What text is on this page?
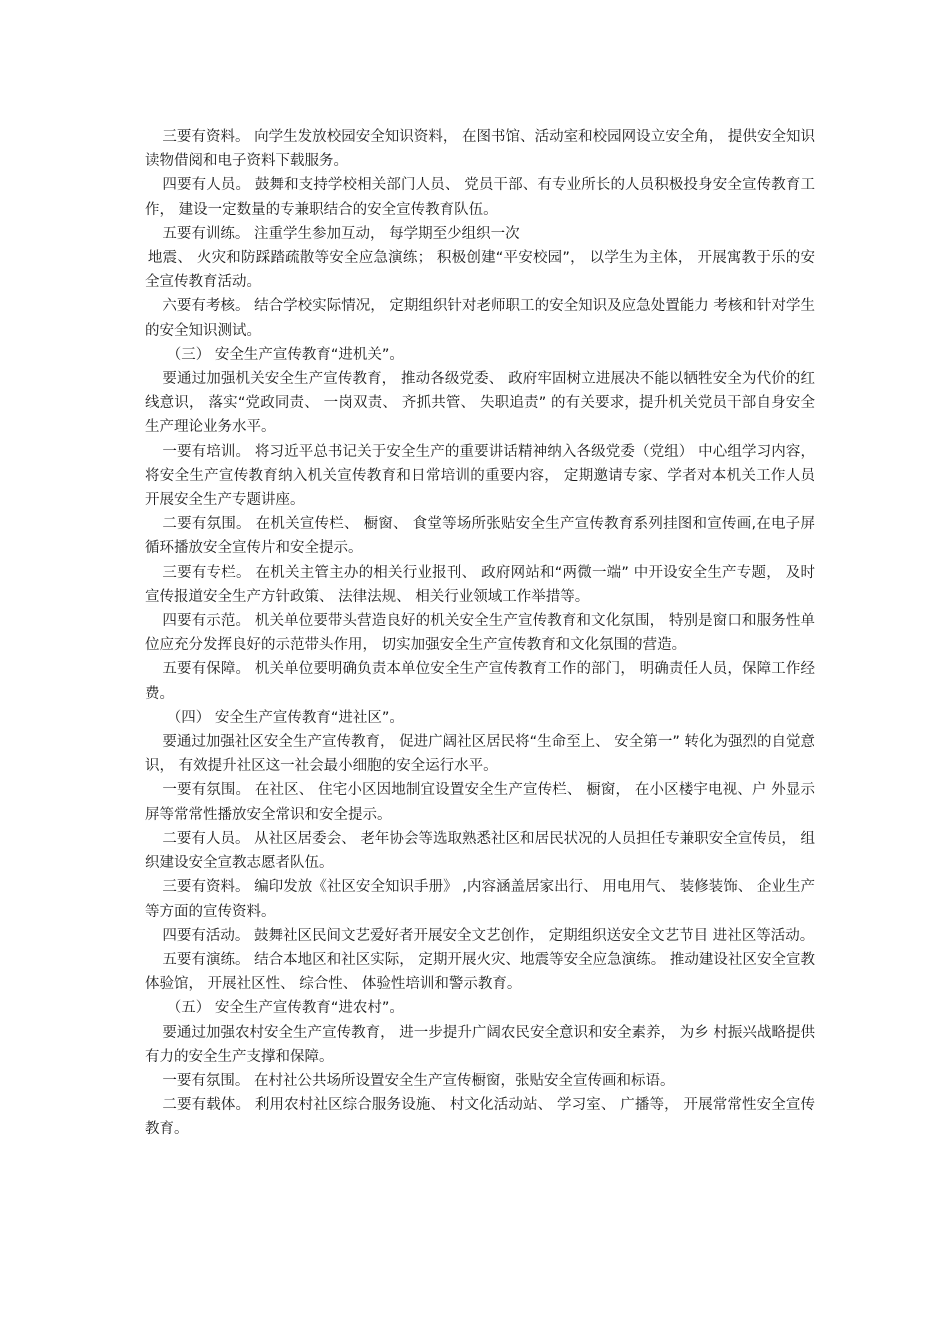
三要有资料。 向学生发放校园安全知识资料， 在图书馆、活动室和校园网设立安全角， 提供安全知识读物借阅和电子资料下载服务。

四要有人员。 鼓舞和支持学校相关部门人员、 党员干部、有专业所长的人员积极投身安全宣传教育工作， 建设一定数量的专兼职结合的安全宣传教育队伍。

五要有训练。 注重学生参加互动， 每学期至少组织一次

地震、 火灾和防踩踏疏散等安全应急演练； 积极创建“平安校园”， 以学生为主体， 开展寓教于乐的安全宣传教育活动。

六要有考核。 结合学校实际情况， 定期组织针对老师职工的安全知识及应急处置能力 考核和针对学生的安全知识测试。

（三） 安全生产宣传教育“进机关”。

要通过加强机关安全生产宣传教育， 推动各级党委、 政府牢固树立进展决不能以牺牲安全为代价的红线意识， 落实“党政同责、 一岗双责、 齐抓共管、 失职追责” 的有关要求，提升机关党员干部自身安全生产理论业务水平。

一要有培训。 将习近平总书记关于安全生产的重要讲话精神纳入各级党委（党组） 中心组学习内容， 将安全生产宣传教育纳入机关宣传教育和日常培训的重要内容， 定期邀请专家、学者对本机关工作人员开展安全生产专题讲座。

二要有氛围。 在机关宣传栏、 橱窗、 食堂等场所张贴安全生产宣传教育系列挂图和宣传画,在电子屏循环播放安全宣传片和安全提示。

三要有专栏。 在机关主管主办的相关行业报刊、 政府网站和“两微一端” 中开设安全生产专题， 及时宣传报道安全生产方针政策、 法律法规、 相关行业领域工作举措等。

四要有示范。 机关单位要带头营造良好的机关安全生产宣传教育和文化氛围， 特别是窗口和服务性单位应充分发挥良好的示范带头作用， 切实加强安全生产宣传教育和文化氛围的营造。

五要有保障。 机关单位要明确负责本单位安全生产宣传教育工作的部门， 明确责任人员，保障工作经费。

（四） 安全生产宣传教育“进社区”。

要通过加强社区安全生产宣传教育， 促进广阔社区居民将“生命至上、 安全第一” 转化为强烈的自觉意识， 有效提升社区这一社会最小细胞的安全运行水平。

一要有氛围。 在社区、 住宅小区因地制宜设置安全生产宣传栏、 橱窗， 在小区楼宇电视、户 外显示屏等常常性播放安全常识和安全提示。

二要有人员。 从社区居委会、 老年协会等选取熟悉社区和居民状况的人员担任专兼职安全宣传员， 组织建设安全宣教志愿者队伍。

三要有资料。 编印发放《社区安全知识手册》 ,内容涵盖居家出行、 用电用气、 装修装饰、 企业生产等方面的宣传资料。

四要有活动。 鼓舞社区民间文艺爱好者开展安全文艺创作， 定期组织送安全文艺节目 进社区等活动。

五要有演练。 结合本地区和社区实际， 定期开展火灾、地震等安全应急演练。 推动建设社区安全宣教体验馆， 开展社区性、 综合性、 体验性培训和警示教育。

（五） 安全生产宣传教育“进农村”。

要通过加强农村安全生产宣传教育， 进一步提升广阔农民安全意识和安全素养， 为乡 村振兴战略提供有力的安全生产支撑和保障。

一要有氛围。 在村社公共场所设置安全生产宣传橱窗，张贴安全宣传画和标语。

二要有载体。 利用农村社区综合服务设施、 村文化活动站、 学习室、 广播等， 开展常常性安全宣传教育。
